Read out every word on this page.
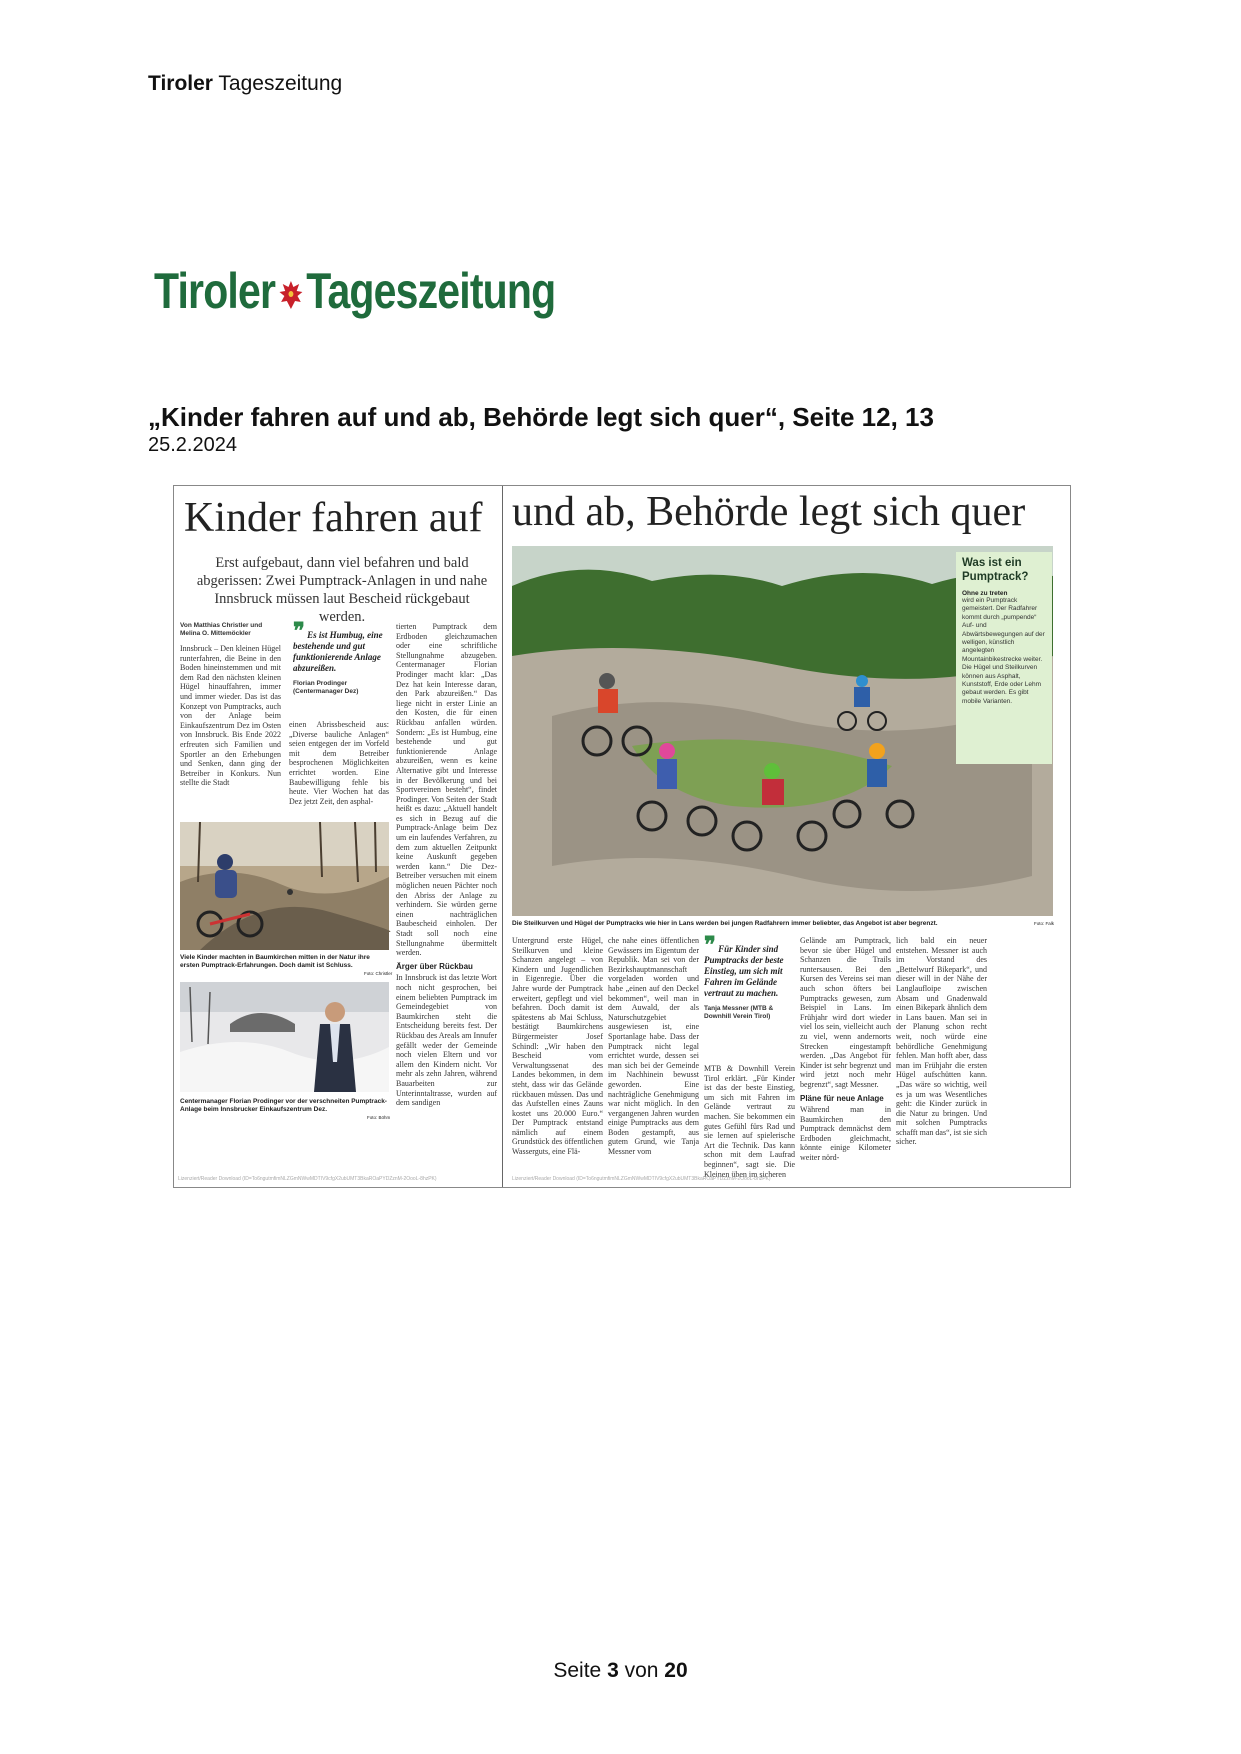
Tiroler Tageszeitung
Tiroler Tageszeitung
„Kinder fahren auf und ab, Behörde legt sich quer“, Seite 12, 13
25.2.2024
Kinder fahren auf und ab, Behörde legt sich quer
Erst aufgebaut, dann viel befahren und bald abgerissen: Zwei Pumptrack-Anlagen in und nahe Innsbruck müssen laut Bescheid rückgebaut werden.
Von Matthias Christler und Melina O. Mittemöckler
Innsbruck – Den kleinen Hügel runterfahren, die Beine in den Boden hineinstemmen und mit dem Rad den nächsten kleinen Hügel hinauffahren, immer und immer wieder. Das ist das Konzept von Pumptracks, auch von der Anlage beim Einkaufszentrum Dez im Osten von Innsbruck. Bis Ende 2022 erfreuten sich Familien und Sportler an den Erhebungen und Senken, dann ging der Betreiber in Konkurs. Nun stellte die Stadt
❞ Es ist Humbug, eine bestehende und gut funktionierende Anlage abzureißen.
Florian Prodinger (Centermanager Dez)
einen Abrissbescheid aus: „Diverse bauliche Anlagen“ seien entgegen der im Vorfeld mit dem Betreiber besprochenen Möglichkeiten errichtet worden. Eine Baubewilligung fehle bis heute. Vier Wochen hat das Dez jetzt Zeit, den asphal-
tierten Pumptrack dem Erdboden gleichzumachen oder eine schriftliche Stellungnahme abzugeben. Centermanager Florian Prodinger macht klar: „Das Dez hat kein Interesse daran, den Park abzureißen.“ Das liege nicht in erster Linie an den Kosten, die für einen Rückbau anfallen würden. Sondern: „Es ist Humbug, eine bestehende und gut funktionierende Anlage abzureißen, wenn es keine Alternative gibt und Interesse in der Bevölkerung und bei Sportvereinen besteht“, findet Prodinger. Von Seiten der Stadt heißt es dazu: „Aktuell handelt es sich in Bezug auf die Pumptrack-Anlage beim Dez um ein laufendes Verfahren, zu dem zum aktuellen Zeitpunkt keine Auskunft gegeben werden kann.“ Die Dez-Betreiber versuchen mit einem möglichen neuen Pächter noch den Abriss der Anlage zu verhindern. Sie würden gerne einen nachträglichen Baubescheid einholen. Der Stadt soll noch eine Stellungnahme übermittelt werden.
Ärger über Rückbau
In Innsbruck ist das letzte Wort noch nicht gesprochen, bei einem beliebten Pumptrack im Gemeindegebiet von Baumkirchen steht die Entscheidung bereits fest. Der Rückbau des Areals am Innufer gefällt weder der Gemeinde noch vielen Eltern und vor allem den Kindern nicht. Vor mehr als zehn Jahren, während Bauarbeiten zur Unterinntaltrasse, wurden auf dem sandigen
Viele Kinder machten in Baumkirchen mitten in der Natur ihre ersten Pumptrack-Erfahrungen. Doch damit ist Schluss.
Foto: Christler
Centermanager Florian Prodinger vor der verschneiten Pumptrack-Anlage beim Innsbrucker Einkaufszentrum Dez.
Foto: Böhm
Was ist ein Pumptrack?
Ohne zu treten
wird ein Pumptrack gemeistert. Der Radfahrer kommt durch „pumpende“ Auf- und Abwärtsbewegungen auf der welligen, künstlich angelegten Mountainbikestrecke weiter. Die Hügel und Steilkurven können aus Asphalt, Kunststoff, Erde oder Lehm gebaut werden. Es gibt mobile Varianten.
Die Steilkurven und Hügel der Pumptracks wie hier in Lans werden bei jungen Radfahrern immer beliebter, das Angebot ist aber begrenzt.	Foto: Falk
Untergrund erste Hügel, Steilkurven und kleine Schanzen angelegt – von Kindern und Jugendlichen in Eigenregie. Über die Jahre wurde der Pumptrack erweitert, gepflegt und viel befahren. Doch damit ist spätestens ab Mai Schluss, bestätigt Baumkirchens Bürgermeister Josef Schindl: „Wir haben den Bescheid vom Verwaltungssenat des Landes bekommen, in dem steht, dass wir das Gelände rückbauen müssen. Das und das Aufstellen eines Zauns kostet uns 20.000 Euro.“ Der Pumptrack entstand nämlich auf einem Grundstück des öffentlichen Wasserguts, eine Flä-
che nahe eines öffentlichen Gewässers im Eigentum der Republik. Man sei von der Bezirkshauptmannschaft vorgeladen worden und habe „einen auf den Deckel bekommen“, weil man in dem Auwald, der als Naturschutzgebiet ausgewiesen ist, eine Sportanlage habe. Dass der Pumptrack nicht legal errichtet wurde, dessen sei man sich bei der Gemeinde im Nachhinein bewusst geworden. Eine nachträgliche Genehmigung war nicht möglich. In den vergangenen Jahren wurden einige Pumptracks aus dem Boden gestampft, aus gutem Grund, wie Tanja Messner vom
❞ Für Kinder sind Pumptracks der beste Einstieg, um sich mit Fahren im Gelände vertraut zu machen.
Tanja Messner (MTB & Downhill Verein Tirol)
MTB & Downhill Verein Tirol erklärt. „Für Kinder ist das der beste Einstieg, um sich mit Fahren im Gelände vertraut zu machen. Sie bekommen ein gutes Gefühl fürs Rad und sie lernen auf spielerische Art die Technik. Das kann schon mit dem Laufrad beginnen“, sagt sie. Die Kleinen üben im sicheren
Gelände am Pumptrack, bevor sie über Hügel und Schanzen die Trails runtersausen. Bei den Kursen des Vereins sei man auch schon öfters bei Pumptracks gewesen, zum Beispiel in Lans. Im Frühjahr wird dort wieder viel los sein, vielleicht auch zu viel, wenn andernorts Strecken eingestampft werden. „Das Angebot für Kinder ist sehr begrenzt und wird jetzt noch mehr begrenzt“, sagt Messner.
Pläne für neue Anlage
Während man in Baumkirchen den Pumptrack demnächst dem Erdboden gleichmacht, könnte einige Kilometer weiter nörd-
lich bald ein neuer entstehen. Messner ist auch im Vorstand des „Bettelwurf Bikepark“, und dieser will in der Nähe der Langlaufloipe zwischen Absam und Gnadenwald einen Bikepark ähnlich dem in Lans bauen. Man sei in der Planung schon recht weit, noch würde eine behördliche Genehmigung fehlen. Man hofft aber, dass man im Frühjahr die ersten Hügel aufschütten kann. „Das wäre so wichtig, weil es ja um was Wesentliches geht: die Kinder zurück in die Natur zu bringen. Und mit solchen Pumptracks schafft man das“, ist sie sich sicher.
Lizenziert/Reader Download (ID=To6ngutmfimNLZGmNWwMDTIV9cfgX2ubUMT3BkaROaPYDZznM-2OooL-8hzPK)	Lizenziert/Reader Download (ID=To6ngutmfimNLZGmNWwMDTIV9cfgX2ubUMT3BkaROaPYDZznM-2OooL-8hzPK)
Seite 3 von 20
